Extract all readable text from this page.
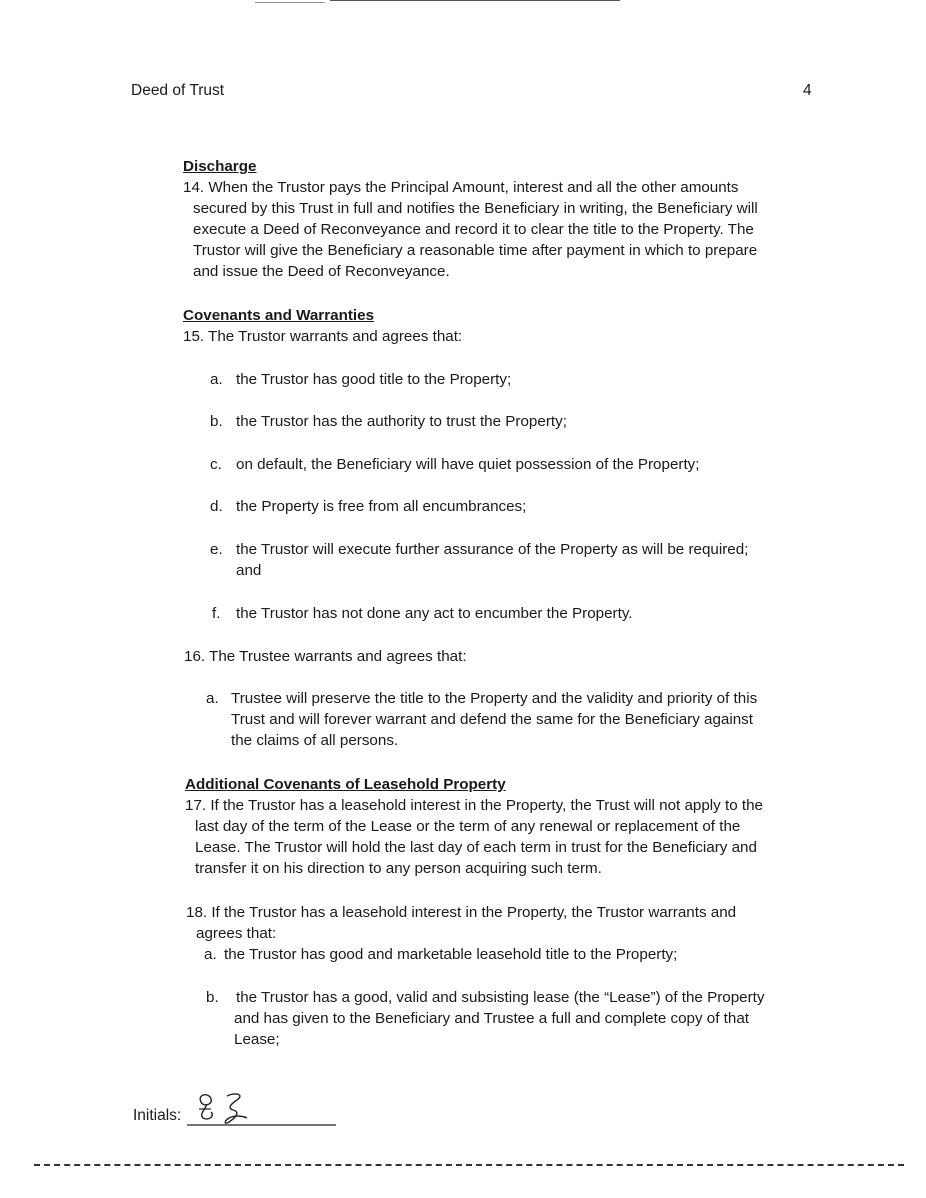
Deed of Trust	4
Discharge
14. When the Trustor pays the Principal Amount, interest and all the other amounts
secured by this Trust in full and notifies the Beneficiary in writing, the Beneficiary will
execute a Deed of Reconveyance and record it to clear the title to the Property. The
Trustor will give the Beneficiary a reasonable time after payment in which to prepare
and issue the Deed of Reconveyance.
Covenants and Warranties
15. The Trustor warrants and agrees that:
a. the Trustor has good title to the Property;
b. the Trustor has the authority to trust the Property;
c. on default, the Beneficiary will have quiet possession of the Property;
d. the Property is free from all encumbrances;
e. the Trustor will execute further assurance of the Property as will be required;
and
f. the Trustor has not done any act to encumber the Property.
16. The Trustee warrants and agrees that:
a. Trustee will preserve the title to the Property and the validity and priority of this
Trust and will forever warrant and defend the same for the Beneficiary against
the claims of all persons.
Additional Covenants of Leasehold Property
17. If the Trustor has a leasehold interest in the Property, the Trust will not apply to the
last day of the term of the Lease or the term of any renewal or replacement of the
Lease. The Trustor will hold the last day of each term in trust for the Beneficiary and
transfer it on his direction to any person acquiring such term.
18. If the Trustor has a leasehold interest in the Property, the Trustor warrants and
agrees that:
a. the Trustor has good and marketable leasehold title to the Property;
b. the Trustor has a good, valid and subsisting lease (the “Lease”) of the Property
and has given to the Beneficiary and Trustee a full and complete copy of that
Lease;
Initials:
